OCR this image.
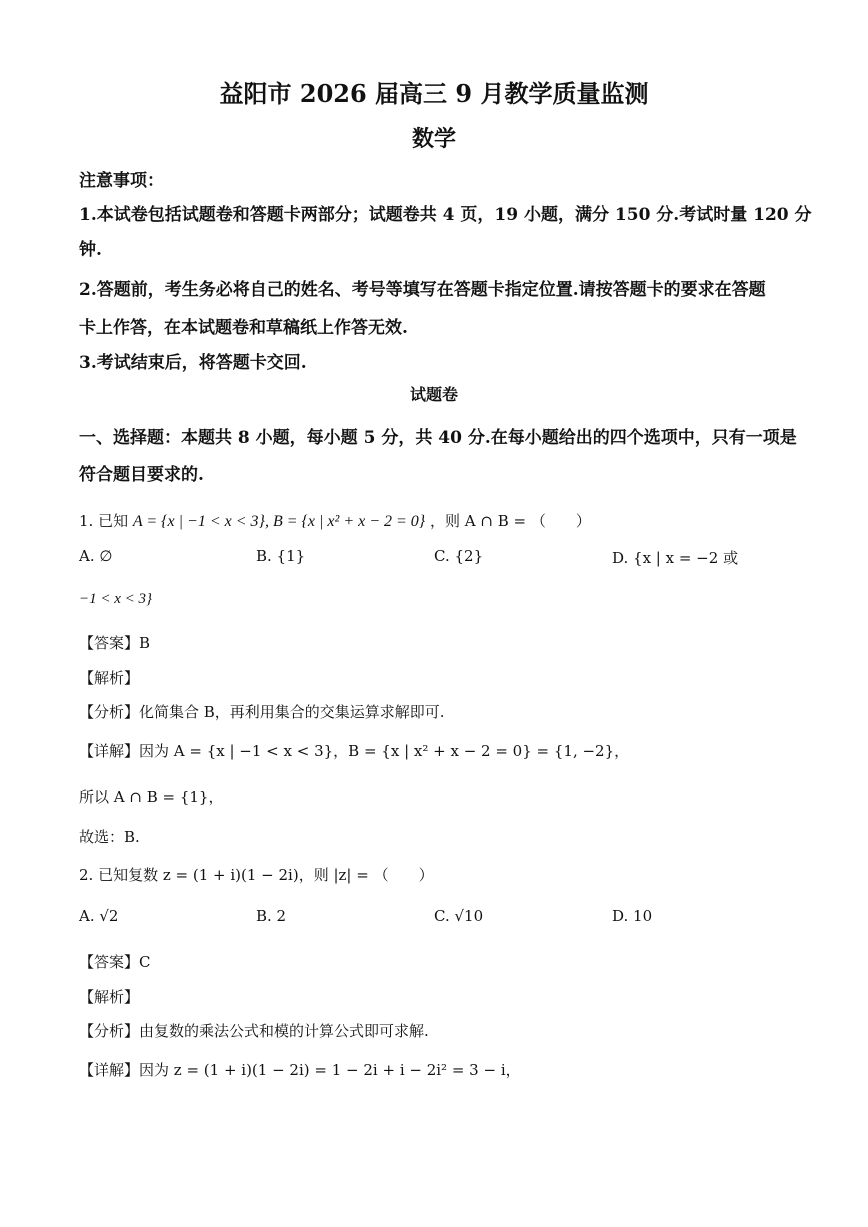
益阳市 2026 届高三 9 月教学质量监测
数学
注意事项：
1.本试卷包括试题卷和答题卡两部分；试题卷共 4 页，19 小题，满分 150 分.考试时量 120 分
钟.
2.答题前，考生务必将自己的姓名、考号等填写在答题卡指定位置.请按答题卡的要求在答题
卡上作答，在本试题卷和草稿纸上作答无效.
3.考试结束后，将答题卡交回.
试题卷
一、选择题：本题共 8 小题，每小题 5 分，共 40 分.在每小题给出的四个选项中，只有一项是
符合题目要求的.
1. 已知 A = {x | −1 < x < 3}, B = {x | x² + x − 2 = 0} ，则 A ∩ B = （　　）
A. ∅	B. {1}	C. {2}	D. {x | x = −2 或
−1 < x < 3}
【答案】B
【解析】
【分析】化简集合 B，再利用集合的交集运算求解即可.
【详解】因为 A = {x | −1 < x < 3}，B = {x | x² + x − 2 = 0} = {1, −2}，
所以 A ∩ B = {1}，
故选：B.
2. 已知复数 z = (1 + i)(1 − 2i)，则 |z| = （　　）
A. √2	B. 2	C. √10	D. 10
【答案】C
【解析】
【分析】由复数的乘法公式和模的计算公式即可求解.
【详解】因为 z = (1 + i)(1 − 2i) = 1 − 2i + i − 2i² = 3 − i，
